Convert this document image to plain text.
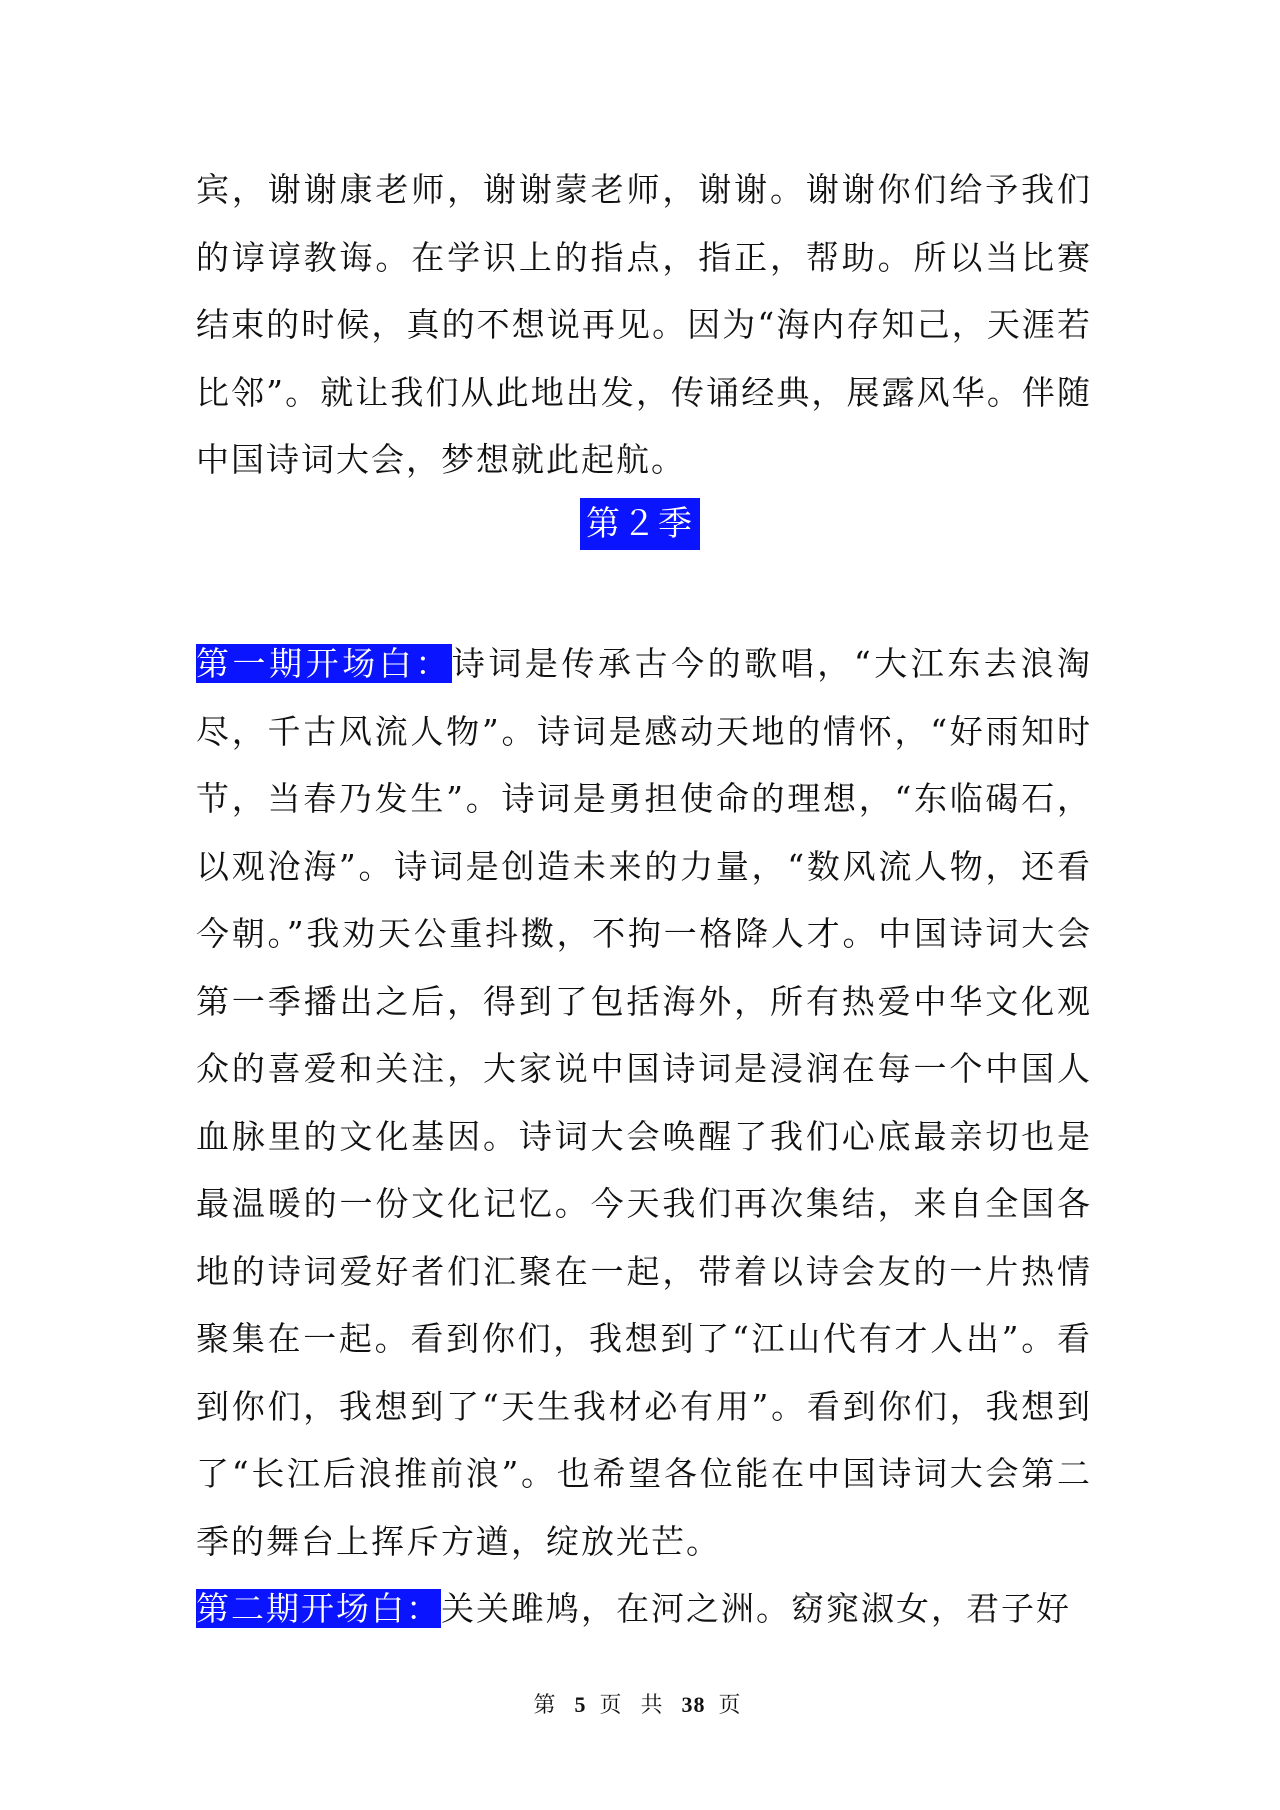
宾，谢谢康老师，谢谢蒙老师，谢谢。谢谢你们给予我们的谆谆教诲。在学识上的指点，指正，帮助。所以当比赛结束的时候，真的不想说再见。因为“海内存知己，天涯若比邻”。就让我们从此地出发，传诵经典，展露风华。伴随中国诗词大会，梦想就此起航。
第２季
第一期开场白：诗词是传承古今的歌唱，“大江东去浪淘尽，千古风流人物”。诗词是感动天地的情怀，“好雨知时节，当春乃发生”。诗词是勇担使命的理想，“东临碣石，以观沧海”。诗词是创造未来的力量，“数风流人物，还看今朝。”我劝天公重抖擞，不拘一格降人才。中国诗词大会第一季播出之后，得到了包括海外，所有热爱中华文化观众的喜爱和关注，大家说中国诗词是浸润在每一个中国人血脉里的文化基因。诗词大会唤醒了我们心底最亲切也是最温暖的一份文化记忆。今天我们再次集结，来自全国各地的诗词爱好者们汇聚在一起，带着以诗会友的一片热情聚集在一起。看到你们，我想到了“江山代有才人出”。看到你们，我想到了“天生我材必有用”。看到你们，我想到了“长江后浪推前浪”。也希望各位能在中国诗词大会第二季的舞台上挥斥方遒，绽放光芒。
第二期开场白：关关雎鸠，在河之洲。窈窕淑女，君子好
第 5 页 共 38 页
